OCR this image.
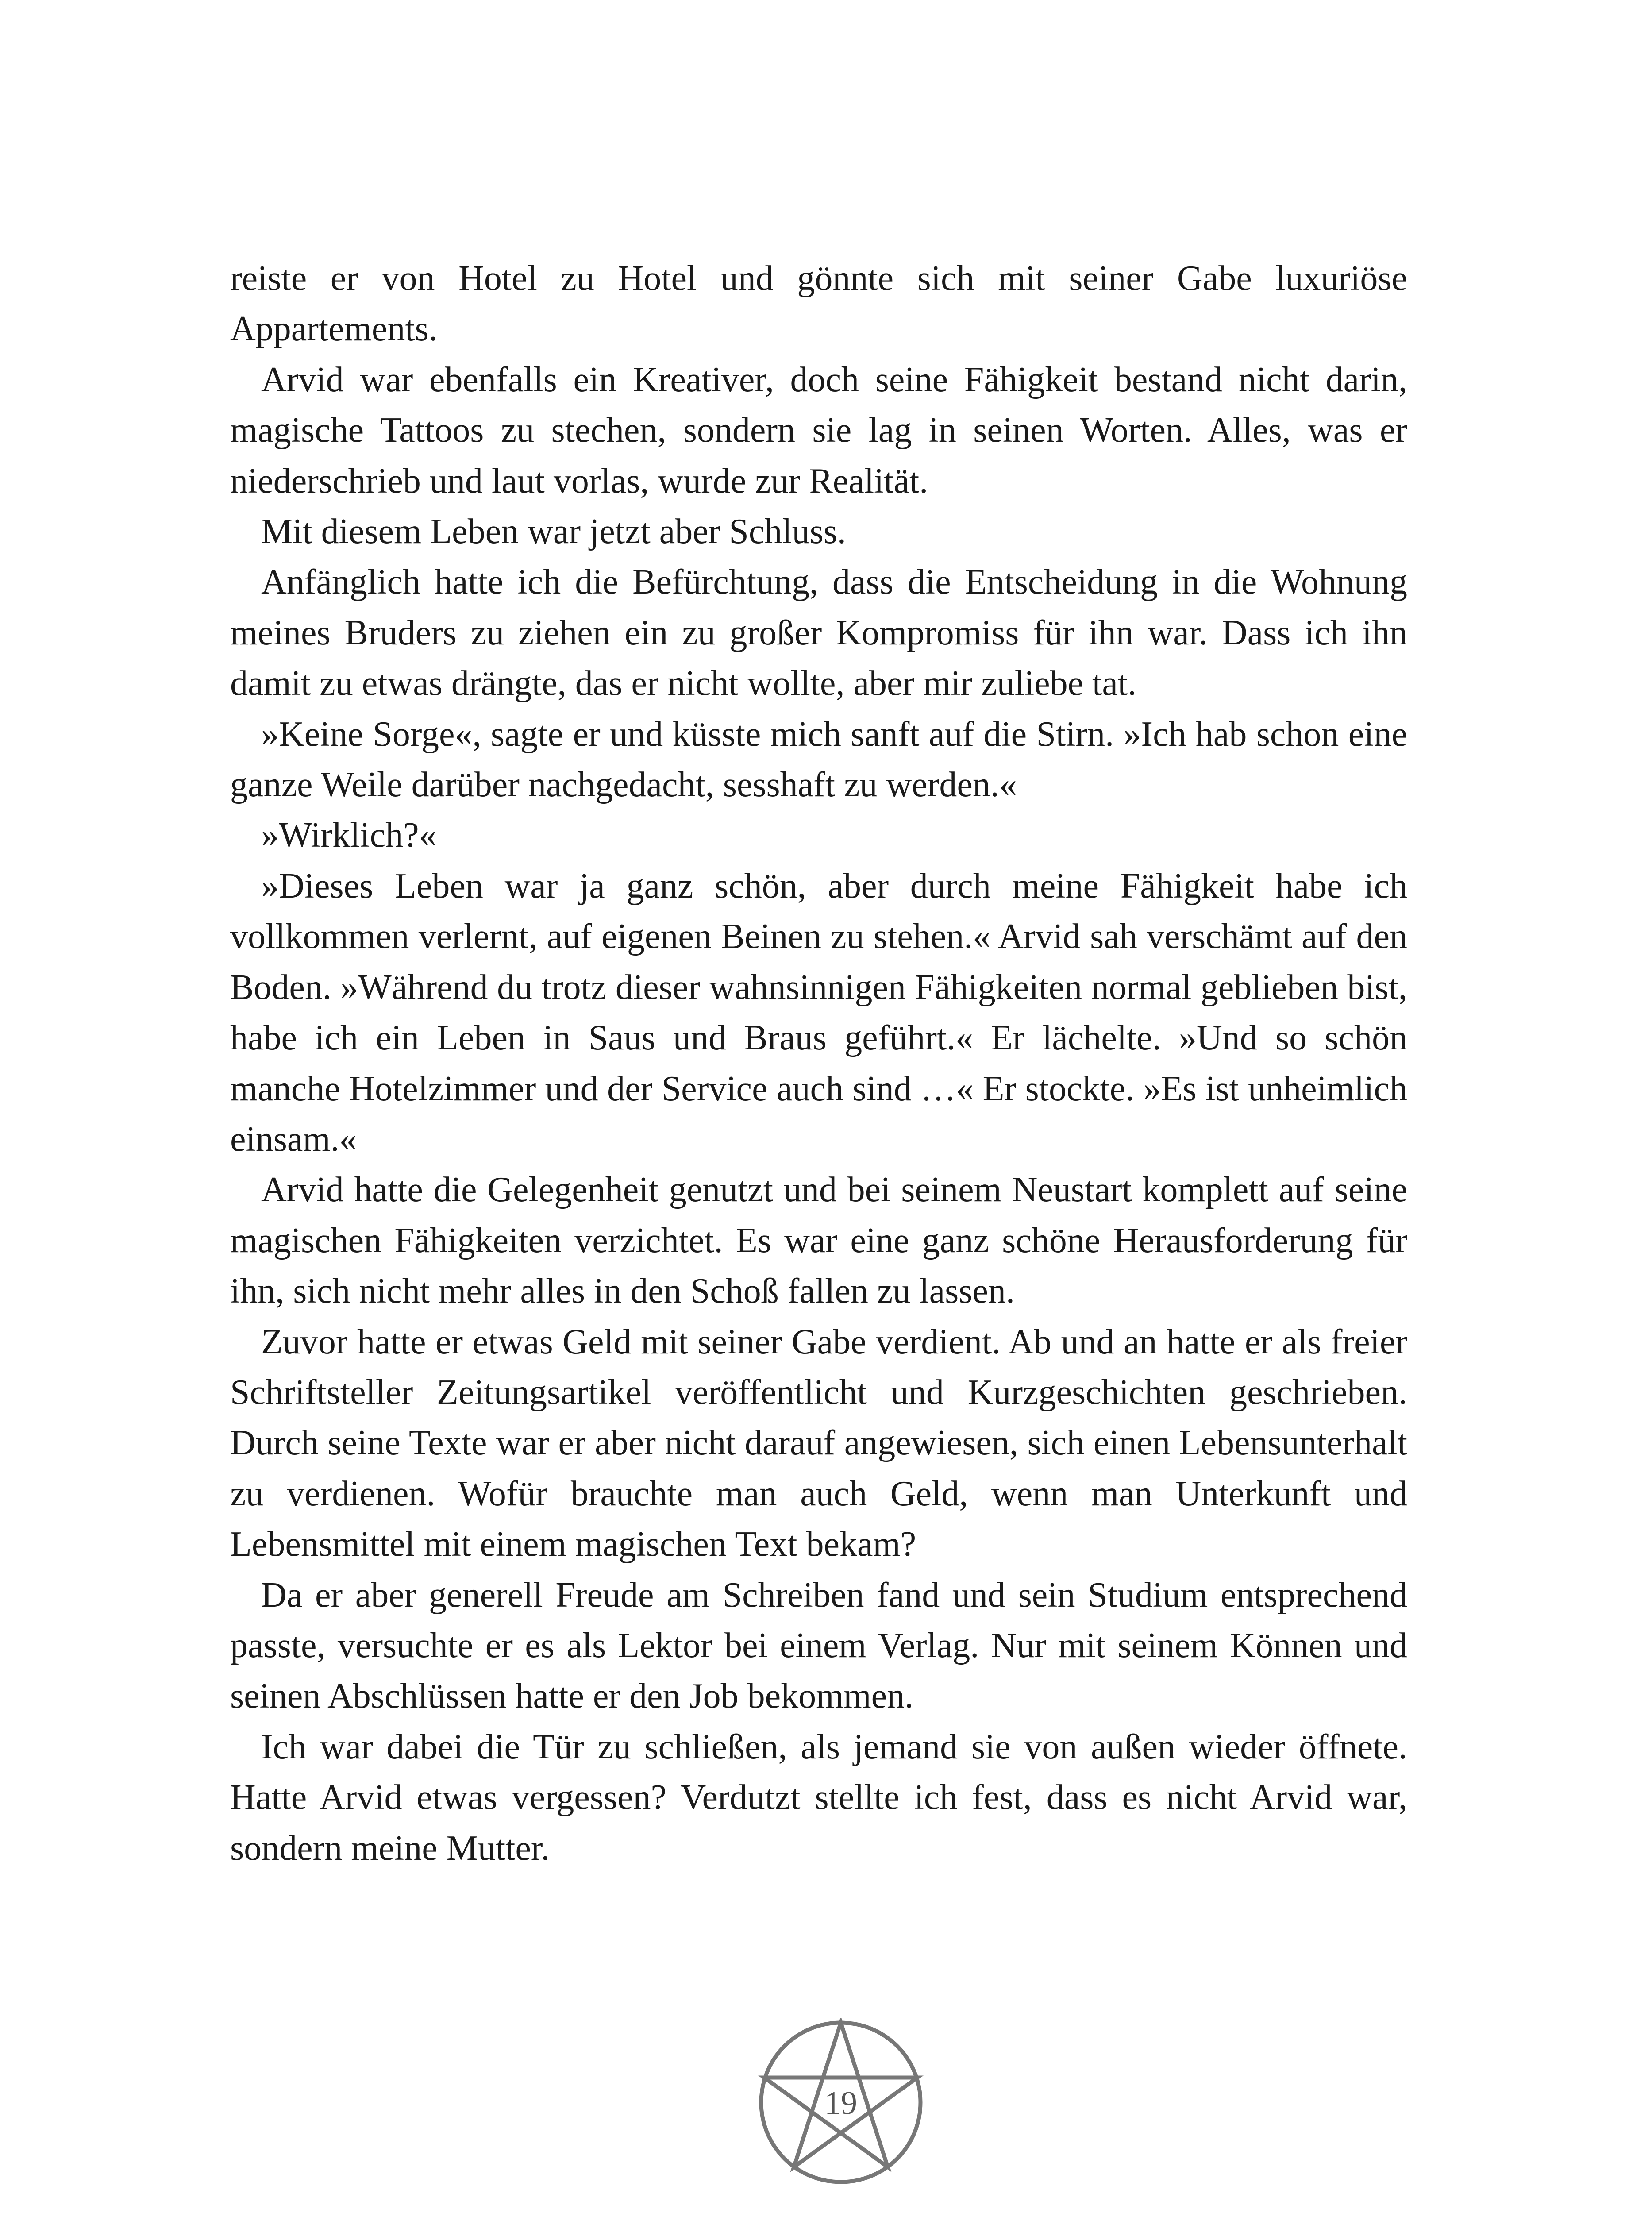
reiste er von Hotel zu Hotel und gönnte sich mit seiner Gabe luxuriöse Appartements.

Arvid war ebenfalls ein Kreativer, doch seine Fähigkeit bestand nicht darin, magische Tattoos zu stechen, sondern sie lag in seinen Worten. Alles, was er niederschrieb und laut vorlas, wurde zur Realität.

Mit diesem Leben war jetzt aber Schluss.

Anfänglich hatte ich die Befürchtung, dass die Entscheidung in die Wohnung meines Bruders zu ziehen ein zu großer Kompromiss für ihn war. Dass ich ihn damit zu etwas drängte, das er nicht wollte, aber mir zuliebe tat.

»Keine Sorge«, sagte er und küsste mich sanft auf die Stirn. »Ich hab schon eine ganze Weile darüber nachgedacht, sesshaft zu werden.«

»Wirklich?«

»Dieses Leben war ja ganz schön, aber durch meine Fähigkeit habe ich vollkommen verlernt, auf eigenen Beinen zu stehen.« Arvid sah verschämt auf den Boden. »Während du trotz dieser wahnsinnigen Fähigkeiten normal geblieben bist, habe ich ein Leben in Saus und Braus geführt.« Er lächelte. »Und so schön manche Hotelzimmer und der Service auch sind …« Er stockte. »Es ist unheimlich einsam.«

Arvid hatte die Gelegenheit genutzt und bei seinem Neustart komplett auf seine magischen Fähigkeiten verzichtet. Es war eine ganz schöne Herausforderung für ihn, sich nicht mehr alles in den Schoß fallen zu lassen.

Zuvor hatte er etwas Geld mit seiner Gabe verdient. Ab und an hatte er als freier Schriftsteller Zeitungsartikel veröffentlicht und Kurzgeschichten geschrieben. Durch seine Texte war er aber nicht darauf angewiesen, sich einen Lebensunterhalt zu verdienen. Wofür brauchte man auch Geld, wenn man Unterkunft und Lebensmittel mit einem magischen Text bekam?

Da er aber generell Freude am Schreiben fand und sein Studium entsprechend passte, versuchte er es als Lektor bei einem Verlag. Nur mit seinem Können und seinen Abschlüssen hatte er den Job bekommen.

Ich war dabei die Tür zu schließen, als jemand sie von außen wieder öffnete. Hatte Arvid etwas vergessen? Verdutzt stellte ich fest, dass es nicht Arvid war, sondern meine Mutter.

19
